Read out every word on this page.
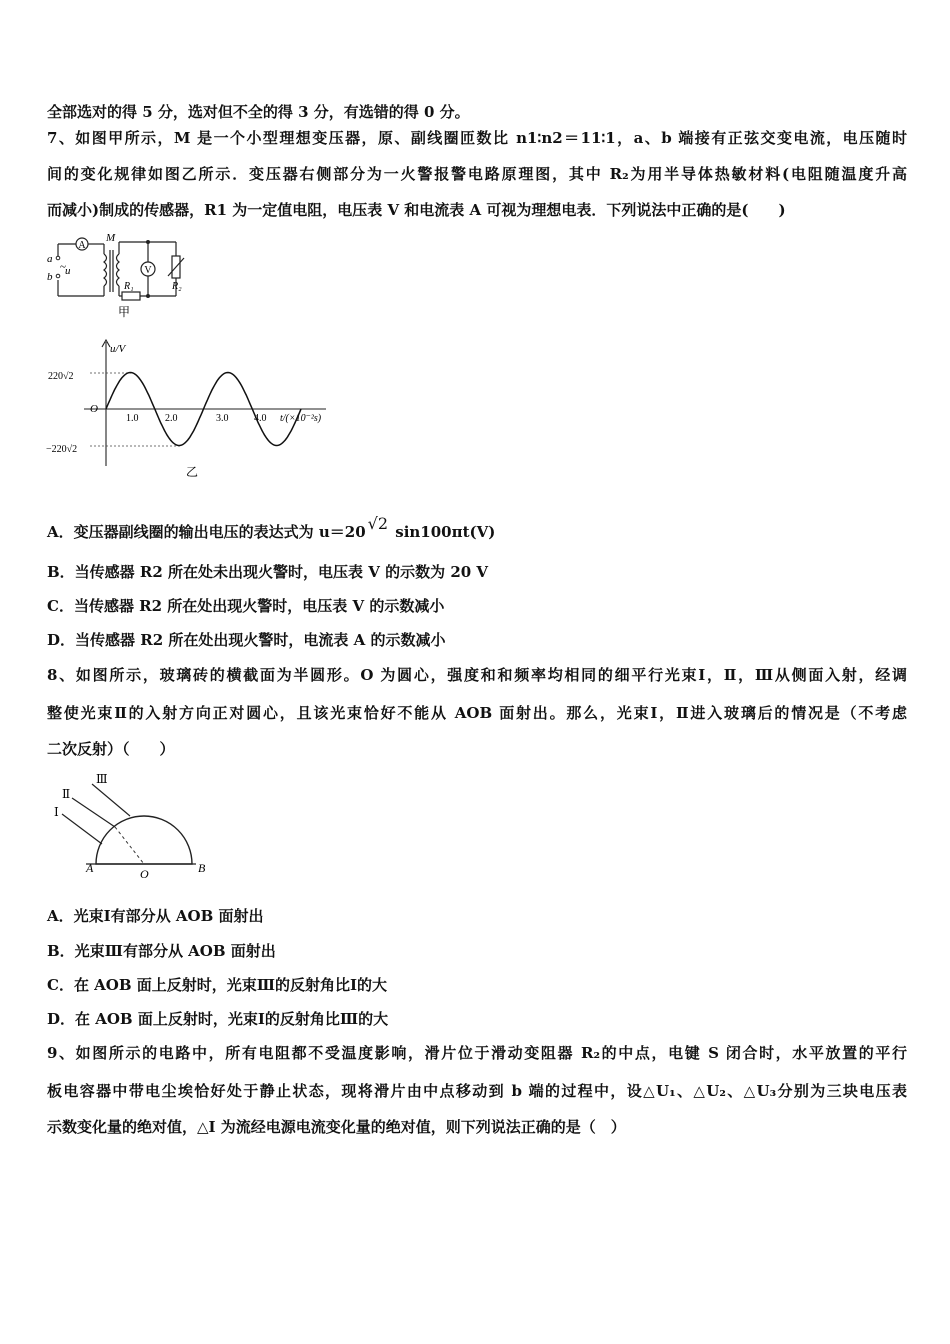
全部选对的得 5 分，选对但不全的得 3 分，有选错的得 0 分。
7、如图甲所示，M 是一个小型理想变压器，原、副线圈匝数比 n1∶n2＝11∶1，a、b 端接有正弦交变电流，电压随时
间的变化规律如图乙所示．变压器右侧部分为一火警报警电路原理图，其中 R₂为用半导体热敏材料(电阻随温度升高
而减小)制成的传感器，R1 为一定值电阻，电压表 V 和电流表 A 可视为理想电表．下列说法中正确的是(　　)
A
V
M
a
b
~ u
R₁	R₂
甲
u/V
O
220√2
−220√2
1.0	2.0	3.0	4.0 t/(×10⁻²s)
乙
A．变压器副线圈的输出电压的表达式为 u＝20 √2 sin100πt(V)
B．当传感器 R2 所在处未出现火警时，电压表 V 的示数为 20 V
C．当传感器 R2 所在处出现火警时，电压表 V 的示数减小
D．当传感器 R2 所在处出现火警时，电流表 A 的示数减小
8、如图所示，玻璃砖的横截面为半圆形。O 为圆心，强度和和频率均相同的细平行光束Ⅰ，Ⅱ，Ⅲ从侧面入射，经调
整使光束Ⅱ的入射方向正对圆心，且该光束恰好不能从 AOB 面射出。那么，光束Ⅰ，Ⅱ进入玻璃后的情况是（不考虑
二次反射）（　　）
Ⅰ
Ⅱ
Ⅲ
A	O	B
A．光束Ⅰ有部分从 AOB 面射出
B．光束Ⅲ有部分从 AOB 面射出
C．在 AOB 面上反射时，光束Ⅲ的反射角比Ⅰ的大
D．在 AOB 面上反射时，光束Ⅰ的反射角比Ⅲ的大
9、如图所示的电路中，所有电阻都不受温度影响，滑片位于滑动变阻器 R₂的中点，电键 S 闭合时，水平放置的平行
板电容器中带电尘埃恰好处于静止状态，现将滑片由中点移动到 b 端的过程中，设△U₁、△U₂、△U₃分别为三块电压表
示数变化量的绝对值，△I 为流经电源电流变化量的绝对值，则下列说法正确的是（　）
